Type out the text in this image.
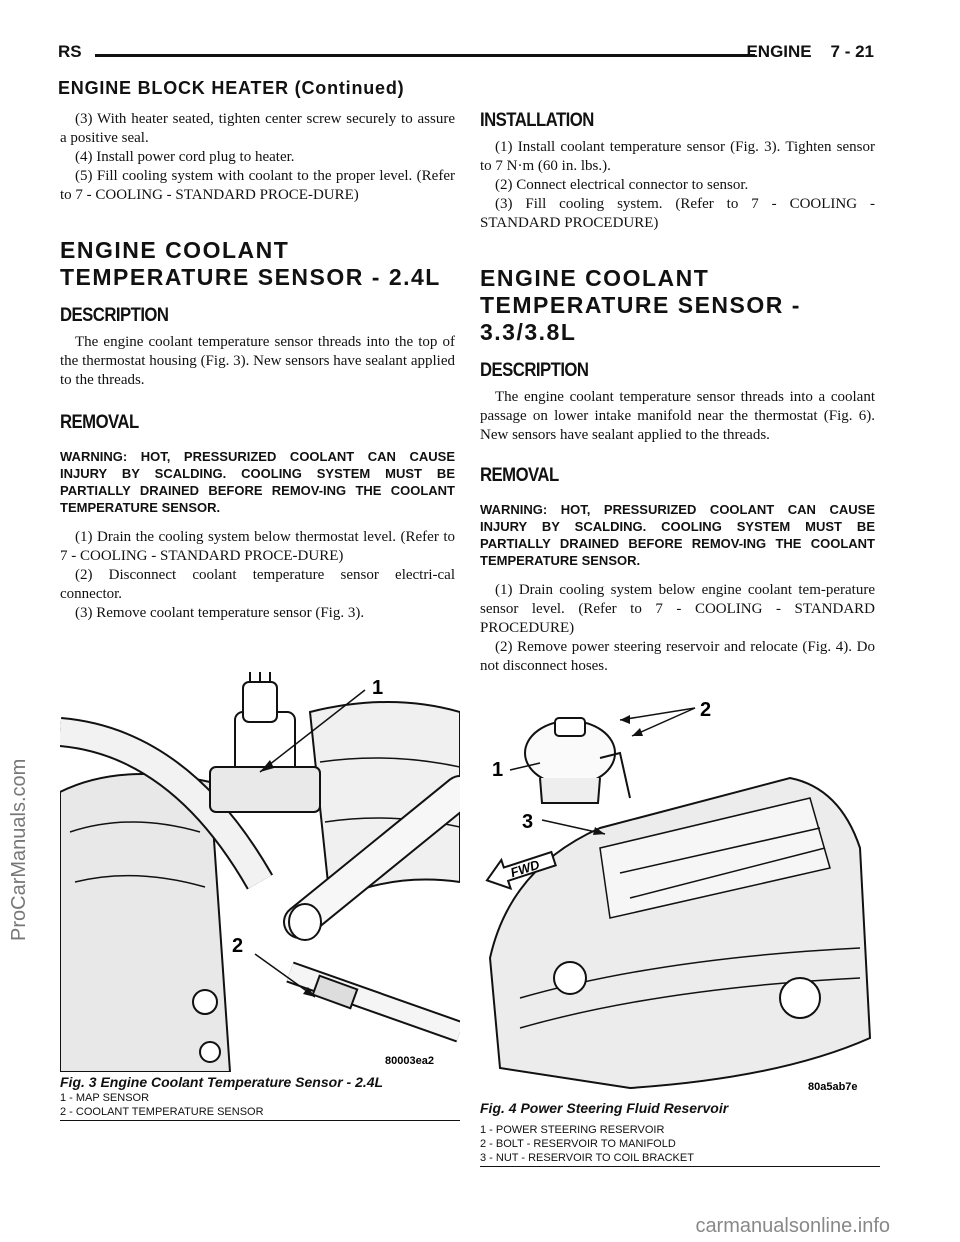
RS	ENGINE    7 - 21
ENGINE BLOCK HEATER (Continued)

(3) With heater seated, tighten center screw securely to assure a positive seal.

(4) Install power cord plug to heater.

(5) Fill cooling system with coolant to the proper level. (Refer to 7 - COOLING - STANDARD PROCE-DURE)

ENGINE COOLANT
TEMPERATURE SENSOR - 2.4L
DESCRIPTION

The engine coolant temperature sensor threads into the top of the thermostat housing (Fig. 3). New sensors have sealant applied to the threads.

REMOVAL

WARNING: HOT, PRESSURIZED COOLANT CAN CAUSE INJURY BY SCALDING. COOLING SYSTEM MUST BE PARTIALLY DRAINED BEFORE REMOV-ING THE COOLANT TEMPERATURE SENSOR.

(1) Drain the cooling system below thermostat level. (Refer to 7 - COOLING - STANDARD PROCE-DURE)

(2) Disconnect coolant temperature sensor electri-cal connector.

(3) Remove coolant temperature sensor (Fig. 3).

INSTALLATION

(1) Install coolant temperature sensor (Fig. 3). Tighten sensor to 7 N·m (60 in. lbs.).

(2) Connect electrical connector to sensor.

(3) Fill cooling system. (Refer to 7 - COOLING - STANDARD PROCEDURE)

ENGINE COOLANT
TEMPERATURE SENSOR -
3.3/3.8L
DESCRIPTION

The engine coolant temperature sensor threads into a coolant passage on lower intake manifold near the thermostat (Fig. 6). New sensors have sealant applied to the threads.

REMOVAL

WARNING: HOT, PRESSURIZED COOLANT CAN CAUSE INJURY BY SCALDING. COOLING SYSTEM MUST BE PARTIALLY DRAINED BEFORE REMOV-ING THE COOLANT TEMPERATURE SENSOR.

(1) Drain cooling system below engine coolant tem-perature sensor level. (Refer to 7 - COOLING - STANDARD PROCEDURE)

(2) Remove power steering reservoir and relocate (Fig. 4). Do not disconnect hoses.

1
2
80003ea2
Fig. 3 Engine Coolant Temperature Sensor - 2.4L
1 - MAP SENSOR
2 - COOLANT TEMPERATURE SENSOR
1
2
3
FWD
80a5ab7e
Fig. 4 Power Steering Fluid Reservoir
1 - POWER STEERING RESERVOIR
2 - BOLT - RESERVOIR TO MANIFOLD
3 - NUT - RESERVOIR TO COIL BRACKET
ProCarManuals.com
carmanualsonline.info
